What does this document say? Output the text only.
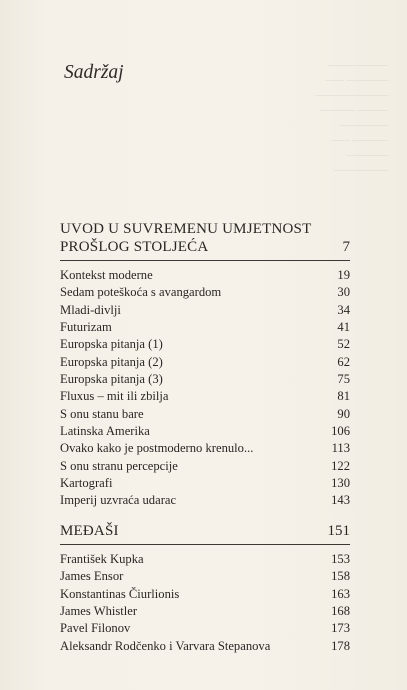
──────────
─────── ───
────────────
───── ──────
────────
────── ───
───────
─────────
Sadržaj
UVOD U SUVREMENU UMJETNOST
PROŠLOG STOLJEĆA	7
Kontekst moderne	19
Sedam poteškoća s avangardom	30
Mladi-divlji	34
Futurizam	41
Europska pitanja (1)	52
Europska pitanja (2)	62
Europska pitanja (3)	75
Fluxus – mit ili zbilja	81
S onu stanu bare	90
Latinska Amerika	106
Ovako kako je postmoderno krenulo...	113
S onu stranu percepcije	122
Kartografi	130
Imperij uzvraća udarac	143
MEĐAŠI	151
František Kupka	153
James Ensor	158
Konstantinas Čiurlionis	163
James Whistler	168
Pavel Filonov	173
Aleksandr Rodčenko i Varvara Stepanova	178
